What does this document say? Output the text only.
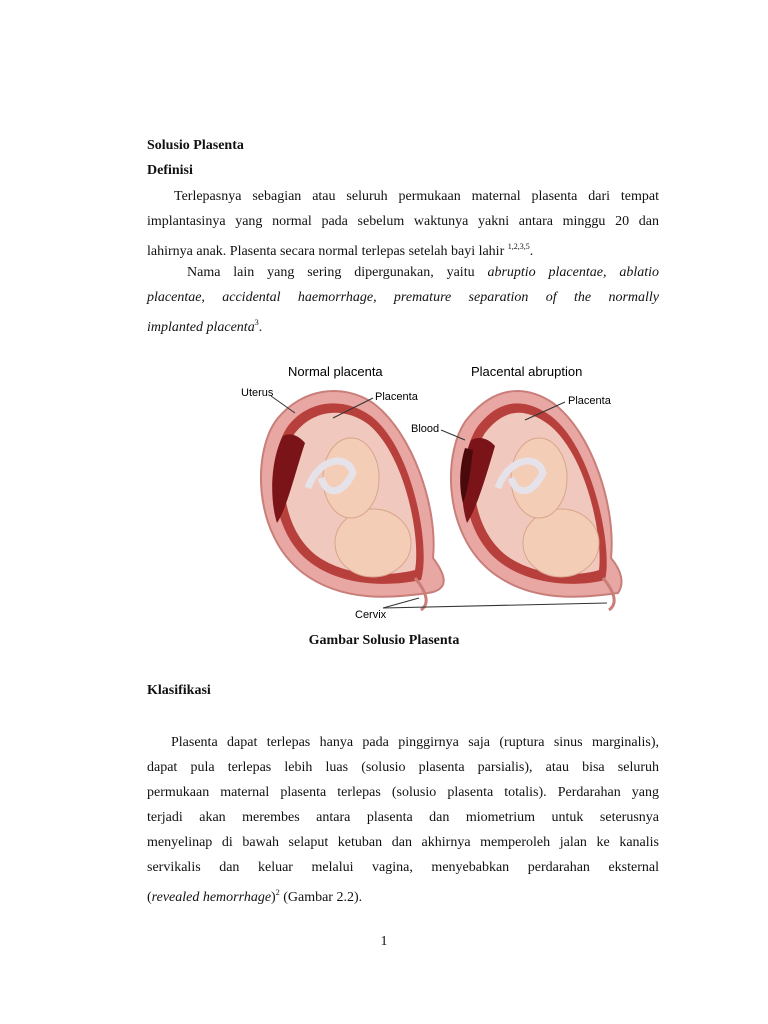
Solusio Plasenta
Definisi
Terlepasnya sebagian atau seluruh permukaan maternal plasenta dari tempat
implantasinya yang normal pada sebelum waktunya yakni antara minggu 20 dan
lahirnya anak. Plasenta secara normal terlepas setelah bayi lahir $^{1,2,3,5}$.
Nama lain yang sering dipergunakan, yaitu abruptio placentae, ablatio
placentae, accidental haemorrhage, premature separation of the normally
implanted placenta$^3$.
Normal placenta	Placental abruption
Uterus	Placenta	Placenta
Blood
Cervix
Gambar Solusio Plasenta
Klasifikasi
Plasenta dapat terlepas hanya pada pinggirnya saja (ruptura sinus marginalis),
dapat pula terlepas lebih luas (solusio plasenta parsialis), atau bisa seluruh
permukaan maternal plasenta terlepas (solusio plasenta totalis). Perdarahan yang
terjadi akan merembes antara plasenta dan miometrium untuk seterusnya
menyelinap di bawah selaput ketuban dan akhirnya memperoleh jalan ke kanalis
servikalis dan keluar melalui vagina, menyebabkan perdarahan eksternal
(revealed hemorrhage)$^2$ (Gambar 2.2).
1
